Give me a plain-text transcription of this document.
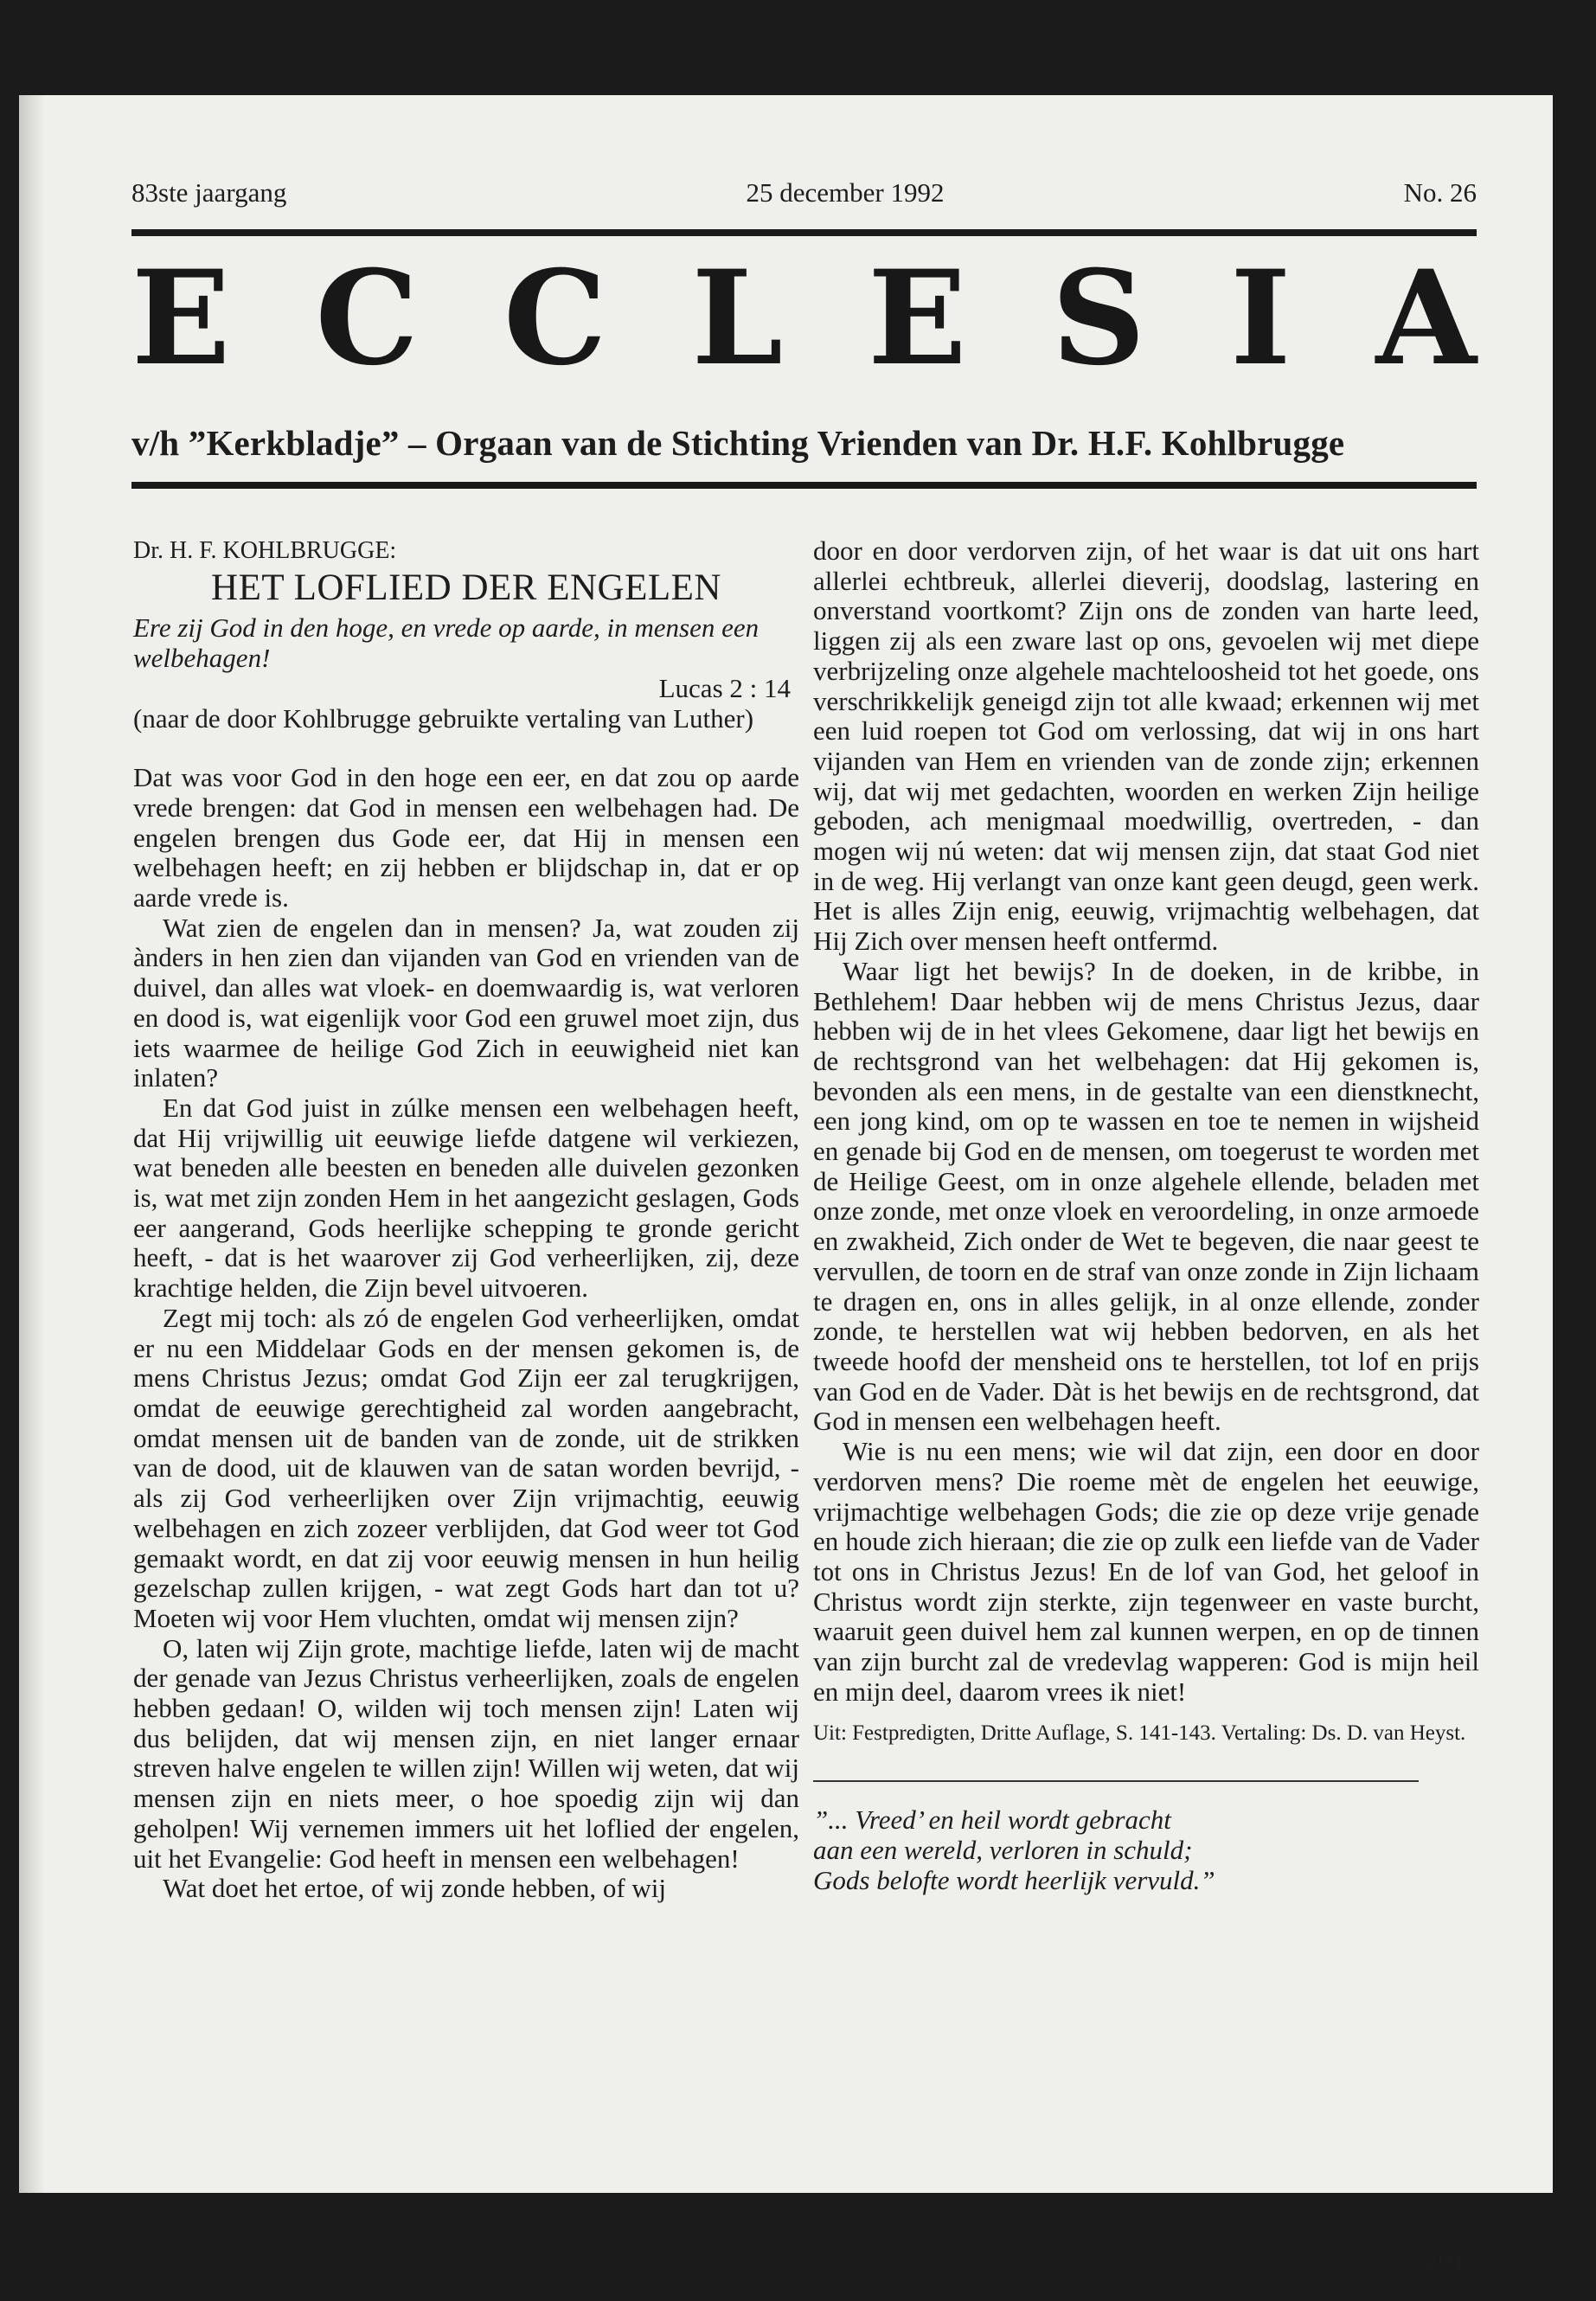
83ste jaargang	25 december 1992	No. 26
E C C L E S I A
v/h ”Kerkbladje” – Orgaan van de Stichting Vrienden van Dr. H.F. Kohlbrugge

Dr. H. F. KOHLBRUGGE:

HET LOFLIED DER ENGELEN

Ere zij God in den hoge, en vrede op aarde, in mensen een welbehagen!

Lucas 2 : 14

(naar de door Kohlbrugge gebruikte vertaling van Luther)

Dat was voor God in den hoge een eer, en dat zou op aarde vrede brengen: dat God in mensen een welbehagen had. De engelen brengen dus Gode eer, dat Hij in mensen een welbehagen heeft; en zij hebben er blijdschap in, dat er op aarde vrede is.

Wat zien de engelen dan in mensen? Ja, wat zouden zij ànders in hen zien dan vijanden van God en vrienden van de duivel, dan alles wat vloek- en doemwaardig is, wat verloren en dood is, wat eigenlijk voor God een gruwel moet zijn, dus iets waarmee de heilige God Zich in eeuwigheid niet kan inlaten?

En dat God juist in zúlke mensen een welbehagen heeft, dat Hij vrijwillig uit eeuwige liefde datgene wil verkiezen, wat beneden alle beesten en beneden alle duivelen gezonken is, wat met zijn zonden Hem in het aangezicht geslagen, Gods eer aangerand, Gods heerlijke schepping te gronde gericht heeft, - dat is het waarover zij God verheerlijken, zij, deze krachtige helden, die Zijn bevel uitvoeren.

Zegt mij toch: als zó de engelen God verheerlijken, omdat er nu een Middelaar Gods en der mensen gekomen is, de mens Christus Jezus; omdat God Zijn eer zal terugkrijgen, omdat de eeuwige gerechtigheid zal worden aangebracht, omdat mensen uit de banden van de zonde, uit de strikken van de dood, uit de klauwen van de satan worden bevrijd, - als zij God verheerlijken over Zijn vrijmachtig, eeuwig welbehagen en zich zozeer verblijden, dat God weer tot God gemaakt wordt, en dat zij voor eeuwig mensen in hun heilig gezelschap zullen krijgen, - wat zegt Gods hart dan tot u? Moeten wij voor Hem vluchten, omdat wij mensen zijn?

O, laten wij Zijn grote, machtige liefde, laten wij de macht der genade van Jezus Christus verheerlijken, zoals de engelen hebben gedaan! O, wilden wij toch mensen zijn! Laten wij dus belijden, dat wij mensen zijn, en niet langer ernaar streven halve engelen te willen zijn! Willen wij weten, dat wij mensen zijn en niets meer, o hoe spoedig zijn wij dan geholpen! Wij vernemen immers uit het loflied der engelen, uit het Evangelie: God heeft in mensen een welbehagen!

Wat doet het ertoe, of wij zonde hebben, of wij

door en door verdorven zijn, of het waar is dat uit ons hart allerlei echtbreuk, allerlei dieverij, doodslag, lastering en onverstand voortkomt? Zijn ons de zonden van harte leed, liggen zij als een zware last op ons, gevoelen wij met diepe verbrijzeling onze algehele machteloosheid tot het goede, ons verschrikkelijk geneigd zijn tot alle kwaad; erkennen wij met een luid roepen tot God om verlossing, dat wij in ons hart vijanden van Hem en vrienden van de zonde zijn; erkennen wij, dat wij met gedachten, woorden en werken Zijn heilige geboden, ach menigmaal moedwillig, overtreden, - dan mogen wij nú weten: dat wij mensen zijn, dat staat God niet in de weg. Hij verlangt van onze kant geen deugd, geen werk. Het is alles Zijn enig, eeuwig, vrijmachtig welbehagen, dat Hij Zich over mensen heeft ontfermd.

Waar ligt het bewijs? In de doeken, in de kribbe, in Bethlehem! Daar hebben wij de mens Christus Jezus, daar hebben wij de in het vlees Gekomene, daar ligt het bewijs en de rechtsgrond van het welbehagen: dat Hij gekomen is, bevonden als een mens, in de gestalte van een dienstknecht, een jong kind, om op te wassen en toe te nemen in wijsheid en genade bij God en de mensen, om toegerust te worden met de Heilige Geest, om in onze algehele ellende, beladen met onze zonde, met onze vloek en veroordeling, in onze armoede en zwakheid, Zich onder de Wet te begeven, die naar geest te vervullen, de toorn en de straf van onze zonde in Zijn lichaam te dragen en, ons in alles gelijk, in al onze ellende, zonder zonde, te herstellen wat wij hebben bedorven, en als het tweede hoofd der mensheid ons te herstellen, tot lof en prijs van God en de Vader. Dàt is het bewijs en de rechtsgrond, dat God in mensen een welbehagen heeft.

Wie is nu een mens; wie wil dat zijn, een door en door verdorven mens? Die roeme mèt de engelen het eeuwige, vrijmachtige welbehagen Gods; die zie op deze vrije genade en houde zich hieraan; die zie op zulk een liefde van de Vader tot ons in Christus Jezus! En de lof van God, het geloof in Christus wordt zijn sterkte, zijn tegenweer en vaste burcht, waaruit geen duivel hem zal kunnen werpen, en op de tinnen van zijn burcht zal de vredevlag wapperen: God is mijn heil en mijn deel, daarom vrees ik niet!

Uit: Festpredigten, Dritte Auflage, S. 141-143. Vertaling: Ds. D. van Heyst.

”... Vreed’ en heil wordt gebracht

aan een wereld, verloren in schuld;

Gods belofte wordt heerlijk vervuld.”

201
